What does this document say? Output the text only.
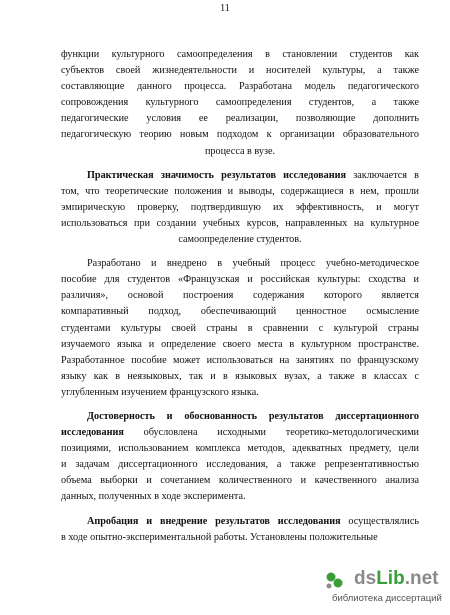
11
функции культурного самоопределения в становлении студентов как
субъектов своей жизнедеятельности и носителей культуры, а также
составляющие данного процесса. Разработана модель педагогического
сопровождения культурного самоопределения студентов, а также
педагогические условия ее реализации, позволяющие дополнить
педагогическую теорию новым подходом к организации образовательного
процесса в вузе.
Практическая значимость результатов исследования заключается в
том, что теоретические положения и выводы, содержащиеся в нем, прошли
эмпирическую проверку, подтвердившую их эффективность, и могут
использоваться при создании учебных курсов, направленных на культурное
самоопределение студентов.
Разработано и внедрено в учебный процесс учебно-методическое
пособие для студентов «Французская и российская культуры: сходства и
различия», основой построения содержания которого является
компаративный подход, обеспечивающий ценностное осмысление
студентами культуры своей страны в сравнении с культурой страны
изучаемого языка и определение своего места в культурном пространстве.
Разработанное пособие может использоваться на занятиях по французскому
языку как в неязыковых, так и в языковых вузах, а также в классах с
углубленным изучением французского языка.
Достоверность и обоснованность результатов диссертационного
исследования обусловлена исходными теоретико-методологическими
позициями, использованием комплекса методов, адекватных предмету, цели
и задачам диссертационного исследования, а также репрезентативностью
объема выборки и сочетанием количественного и качественного анализа
данных, полученных в ходе эксперимента.
Апробация и внедрение результатов исследования осуществлялись
в ходе опытно-экспериментальной работы. Установлены положительные
dsLib.net
библиотека диссертаций
